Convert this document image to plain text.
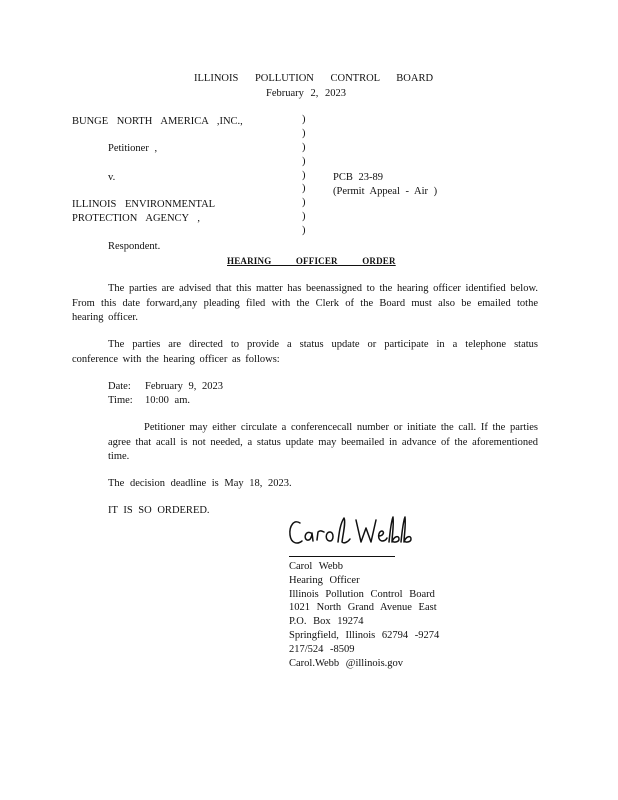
ILLINOIS POLLUTION CONTROL BOARD
February 2, 2023
BUNGE NORTH AMERICA ,INC.,
Petitioner ,
v.
ILLINOIS ENVIRONMENTAL
PROTECTION AGENCY ,
Respondent.
)
)
)
)
)
)
)
)
)
PCB 23-89
(Permit Appeal - Air )
HEARING OFFICER ORDER
The parties are advised that this matter has beenassigned to the hearing officer identified below. From this date forward,any pleading filed with the Clerk of the Board must also be emailed tothe hearing officer.
The parties are directed to provide a status update or participate in a telephone status conference with the hearing officer as follows:
Date: February 9, 2023
Time: 10:00 am.
Petitioner may either circulate a conferencecall number or initiate the call. If the parties agree that acall is not needed, a status update may beemailed in advance of the aforementioned time.
The decision deadline is May 18, 2023.
IT IS SO ORDERED.
Carol Webb
Hearing Officer
Illinois Pollution Control Board
1021 North Grand Avenue East
P.O. Box 19274
Springfield, Illinois 62794 -9274
217/524 -8509
Carol.Webb @illinois.gov
